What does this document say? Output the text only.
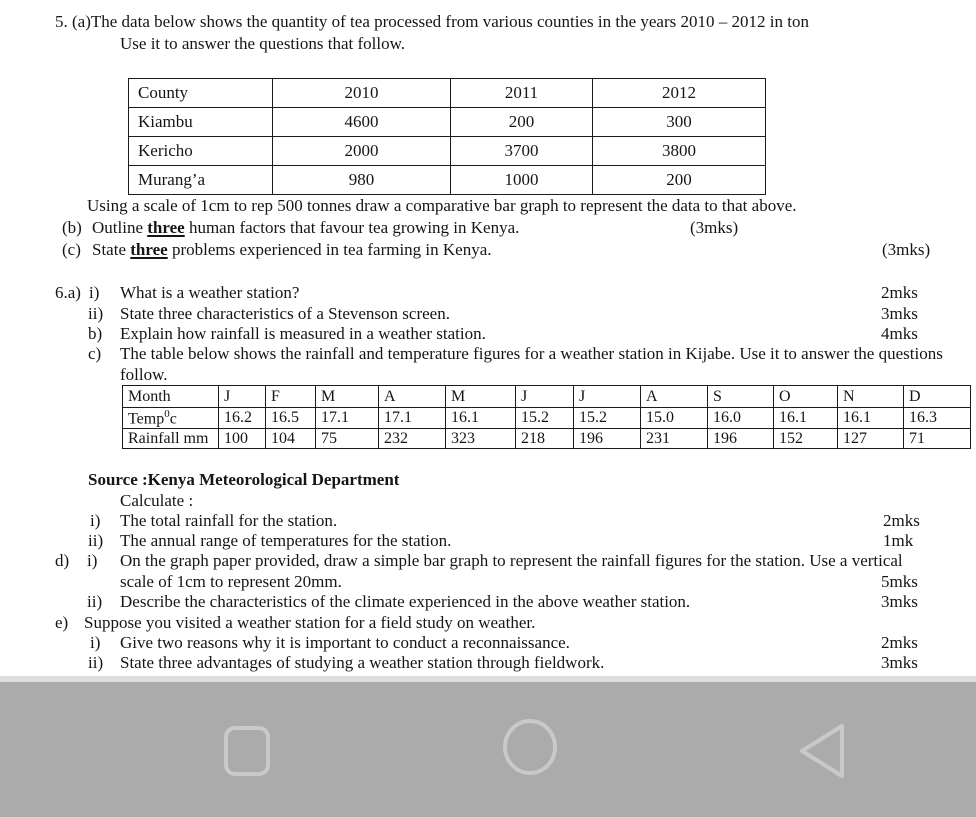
5. (a)The data below shows the quantity of tea processed from various counties in the years 2010 – 2012 in ton
Use it to answer the questions that follow.
County	2010	2011	2012
Kiambu	4600	200	300
Kericho	2000	3700	3800
Murang’a	980	1000	200
Using a scale of 1cm to rep 500 tonnes draw a comparative bar graph to represent the data to that above.
(b) Outline three human factors that favour tea growing in Kenya.	(3mks)
(c) State three problems experienced in tea farming in Kenya.	(3mks)
6.a) i) What is a weather station?	2mks
ii) State three characteristics of a Stevenson screen.	3mks
b) Explain how rainfall is measured in a weather station.	4mks
c) The table below shows the rainfall and temperature figures for a weather station in Kijabe. Use it to answer the questions
follow.
Month	J	F	M	A	M	J	J	A	S	O	N	D
Temp$^0$c	16.2	16.5	17.1	17.1	16.1	15.2	15.2	15.0	16.0	16.1	16.1	16.3
Rainfall mm	100	104	75	232	323	218	196	231	196	152	127	71
Source :Kenya Meteorological Department
Calculate :
i) The total rainfall for the station.	2mks
ii) The annual range of temperatures for the station.	1mk
d) i) On the graph paper provided, draw a simple bar graph to represent the rainfall figures for the station. Use a vertical
scale of 1cm to represent 20mm.	5mks
ii) Describe the characteristics of the climate experienced in the above weather station.	3mks
e) Suppose you visited a weather station for a field study on weather.
i) Give two reasons why it is important to conduct a reconnaissance.	2mks
ii) State three advantages of studying a weather station through fieldwork.	3mks
